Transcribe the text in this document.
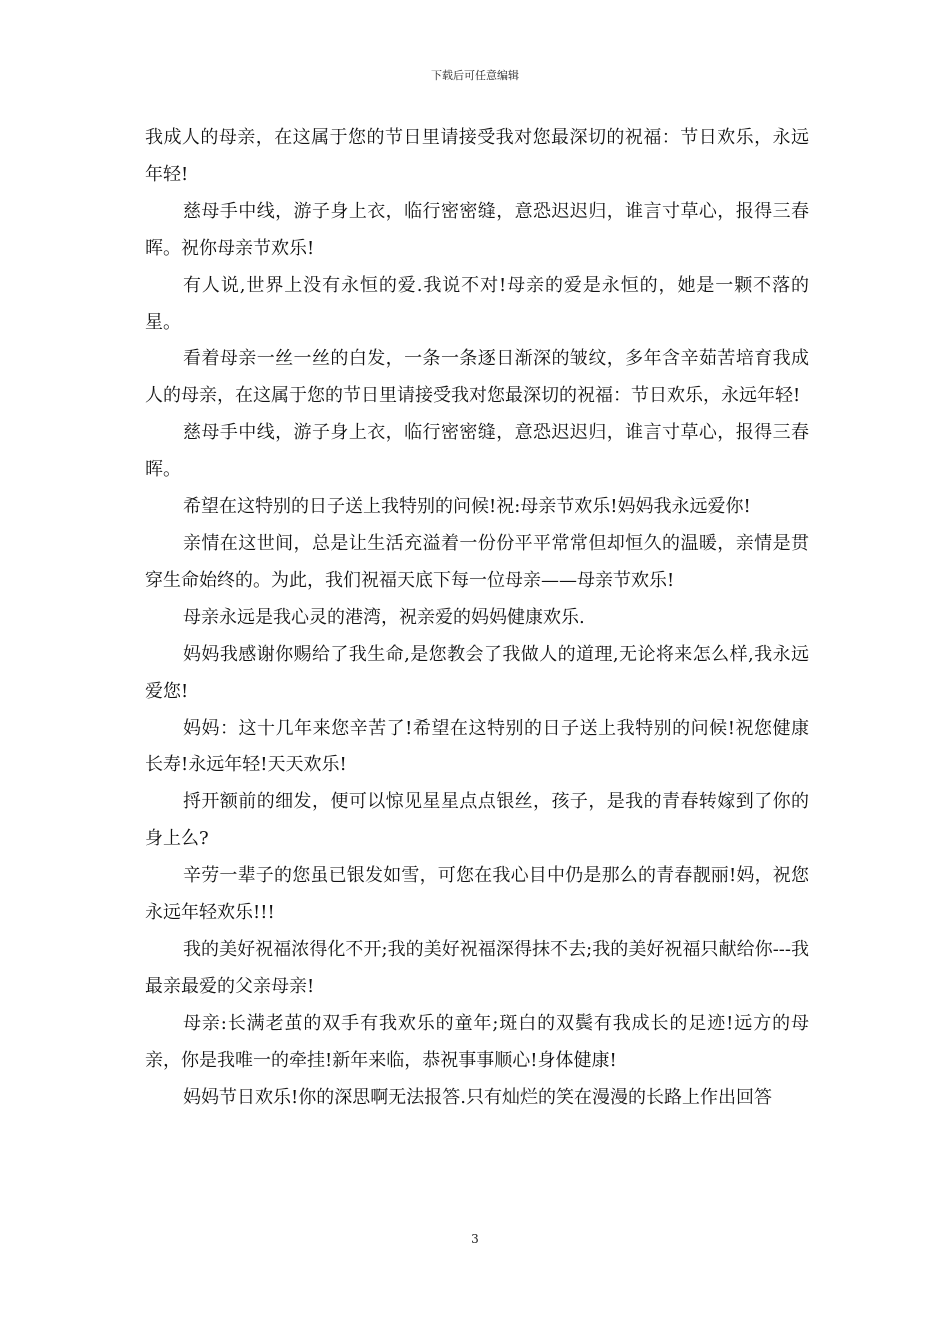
下载后可任意编辑

我成人的母亲，在这属于您的节日里请接受我对您最深切的祝福：节日欢乐，永远年轻!

慈母手中线，游子身上衣，临行密密缝，意恐迟迟归，谁言寸草心，报得三春晖。祝你母亲节欢乐!

有人说,世界上没有永恒的爱.我说不对!母亲的爱是永恒的，她是一颗不落的星。

看着母亲一丝一丝的白发，一条一条逐日渐深的皱纹，多年含辛茹苦培育我成人的母亲，在这属于您的节日里请接受我对您最深切的祝福：节日欢乐，永远年轻!

慈母手中线，游子身上衣，临行密密缝，意恐迟迟归，谁言寸草心，报得三春晖。

希望在这特别的日子送上我特别的问候!祝:母亲节欢乐!妈妈我永远爱你!

亲情在这世间，总是让生活充溢着一份份平平常常但却恒久的温暖，亲情是贯穿生命始终的。为此，我们祝福天底下每一位母亲——母亲节欢乐!

母亲永远是我心灵的港湾，祝亲爱的妈妈健康欢乐.

妈妈我感谢你赐给了我生命,是您教会了我做人的道理,无论将来怎么样,我永远爱您!

妈妈：这十几年来您辛苦了!希望在这特别的日子送上我特别的问候!祝您健康长寿!永远年轻!天天欢乐!

捋开额前的细发，便可以惊见星星点点银丝，孩子，是我的青春转嫁到了你的身上么?

辛劳一辈子的您虽已银发如雪，可您在我心目中仍是那么的青春靓丽!妈，祝您永远年轻欢乐!!!

我的美好祝福浓得化不开;我的美好祝福深得抹不去;我的美好祝福只献给你---我最亲最爱的父亲母亲!

母亲:长满老茧的双手有我欢乐的童年;斑白的双鬓有我成长的足迹!远方的母亲，你是我唯一的牵挂!新年来临，恭祝事事顺心!身体健康!

妈妈节日欢乐!你的深思啊无法报答.只有灿烂的笑在漫漫的长路上作出回答

3
